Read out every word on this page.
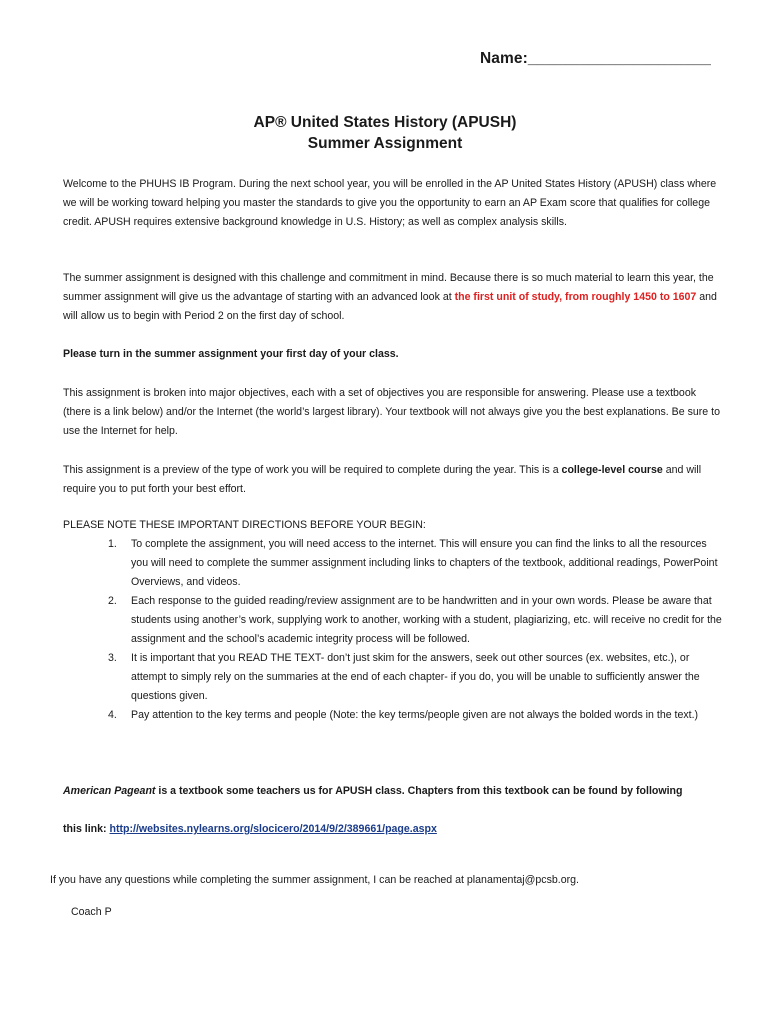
Name:_____________________
AP® United States History (APUSH)
Summer Assignment

Welcome to the PHUHS IB Program. During the next school year, you will be enrolled in the AP United States History (APUSH) class where we will be working toward helping you master the standards to give you the opportunity to earn an AP Exam score that qualifies for college credit. APUSH requires extensive background knowledge in U.S. History; as well as complex analysis skills.

The summer assignment is designed with this challenge and commitment in mind. Because there is so much material to learn this year, the summer assignment will give us the advantage of starting with an advanced look at the first unit of study, from roughly 1450 to 1607 and will allow us to begin with Period 2 on the first day of school.

Please turn in the summer assignment your first day of your class.

This assignment is broken into major objectives, each with a set of objectives you are responsible for answering. Please use a textbook (there is a link below) and/or the Internet (the world’s largest library). Your textbook will not always give you the best explanations. Be sure to use the Internet for help.

This assignment is a preview of the type of work you will be required to complete during the year. This is a college-level course and will require you to put forth your best effort.

PLEASE NOTE THESE IMPORTANT DIRECTIONS BEFORE YOUR BEGIN:
1. To complete the assignment, you will need access to the internet. This will ensure you can find the links to all the resources you will need to complete the summer assignment including links to chapters of the textbook, additional readings, PowerPoint Overviews, and videos.
2. Each response to the guided reading/review assignment are to be handwritten and in your own words. Please be aware that students using another’s work, supplying work to another, working with a student, plagiarizing, etc. will receive no credit for the assignment and the school’s academic integrity process will be followed.
3. It is important that you READ THE TEXT- don’t just skim for the answers, seek out other sources (ex. websites, etc.), or attempt to simply rely on the summaries at the end of each chapter- if you do, you will be unable to sufficiently answer the questions given.
4. Pay attention to the key terms and people (Note: the key terms/people given are not always the bolded words in the text.)

American Pageant is a textbook some teachers us for APUSH class. Chapters from this textbook can be found by following

this link: http://websites.nylearns.org/slocicero/2014/9/2/389661/page.aspx

If you have any questions while completing the summer assignment, I can be reached at planamentaj@pcsb.org.

Coach P
